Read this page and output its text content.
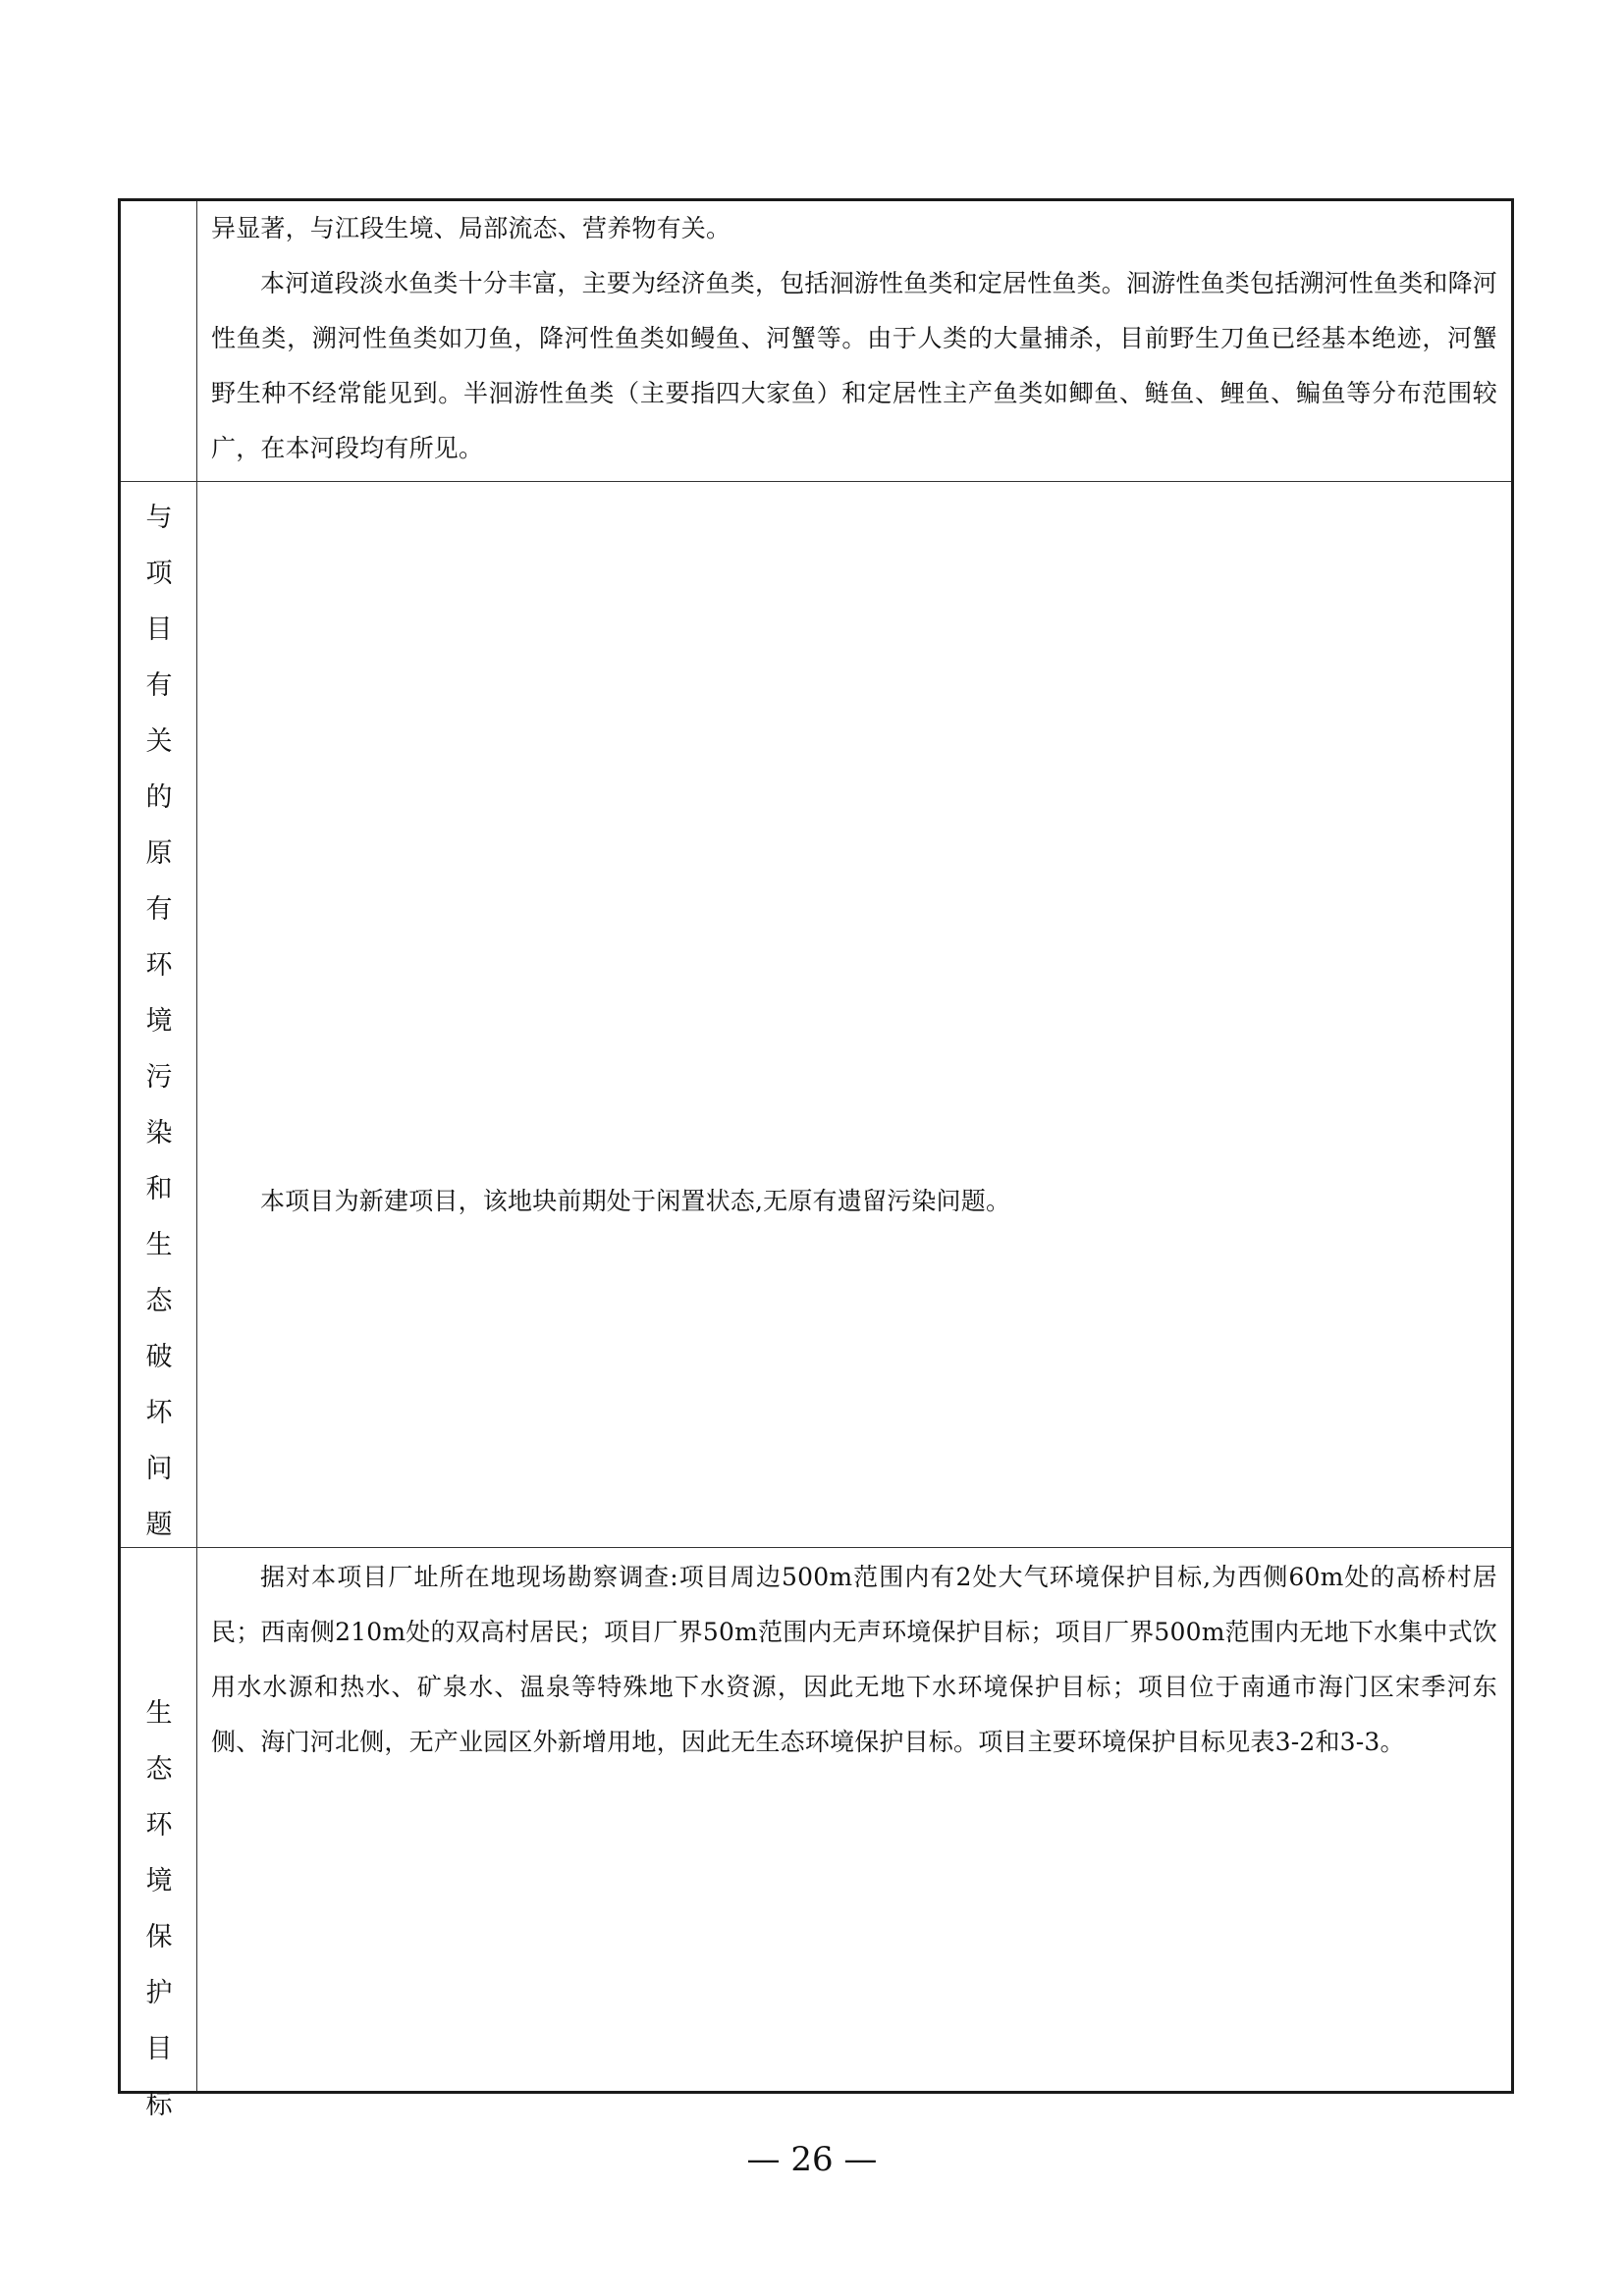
异显著，与江段生境、局部流态、营养物有关。

本河道段淡水鱼类十分丰富，主要为经济鱼类，包括洄游性鱼类和定居性鱼类。洄游性鱼类包括溯河性鱼类和降河性鱼类，溯河性鱼类如刀鱼，降河性鱼类如鳗鱼、河蟹等。由于人类的大量捕杀，目前野生刀鱼已经基本绝迹，河蟹野生种不经常能见到。半洄游性鱼类（主要指四大家鱼）和定居性主产鱼类如鲫鱼、鲢鱼、鲤鱼、鳊鱼等分布范围较广，在本河段均有所见。

与
项
目
有
关
的
原
有
环
境
污
染
和
生
态
破
坏
问
题

本项目为新建项目，该地块前期处于闲置状态,无原有遗留污染问题。

生
态
环
境
保
护
目
标

据对本项目厂址所在地现场勘察调查:项目周边500m范围内有2处大气环境保护目标,为西侧60m处的高桥村居民；西南侧210m处的双高村居民；项目厂界50m范围内无声环境保护目标；项目厂界500m范围内无地下水集中式饮用水水源和热水、矿泉水、温泉等特殊地下水资源，因此无地下水环境保护目标；项目位于南通市海门区宋季河东侧、海门河北侧，无产业园区外新增用地，因此无生态环境保护目标。项目主要环境保护目标见表3-2和3-3。

— 26 —
